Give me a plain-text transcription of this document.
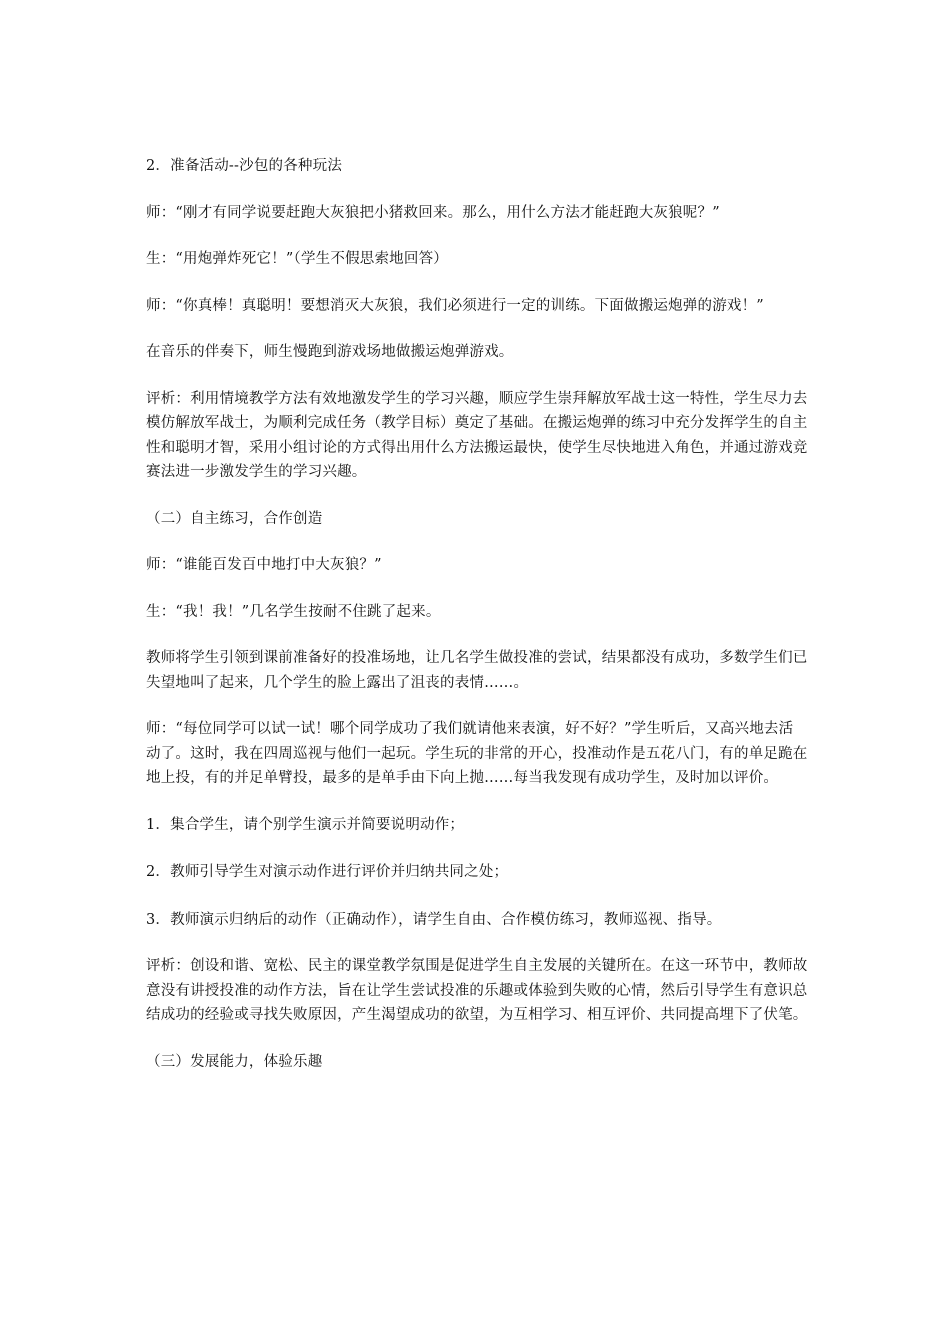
2．准备活动--沙包的各种玩法

师：“刚才有同学说要赶跑大灰狼把小猪救回来。那么，用什么方法才能赶跑大灰狼呢？”

生：“用炮弹炸死它！”（学生不假思索地回答）

师：“你真棒！真聪明！要想消灭大灰狼，我们必须进行一定的训练。下面做搬运炮弹的游戏！”

在音乐的伴奏下，师生慢跑到游戏场地做搬运炮弹游戏。

评析：利用情境教学方法有效地激发学生的学习兴趣，顺应学生崇拜解放军战士这一特性，学生尽力去模仿解放军战士，为顺利完成任务（教学目标）奠定了基础。在搬运炮弹的练习中充分发挥学生的自主性和聪明才智，采用小组讨论的方式得出用什么方法搬运最快，使学生尽快地进入角色，并通过游戏竞赛法进一步激发学生的学习兴趣。

（二）自主练习，合作创造

师：“谁能百发百中地打中大灰狼？”

生：“我！我！”几名学生按耐不住跳了起来。

教师将学生引领到课前准备好的投准场地，让几名学生做投准的尝试，结果都没有成功，多数学生们已失望地叫了起来，几个学生的脸上露出了沮丧的表情……。

师：“每位同学可以试一试！哪个同学成功了我们就请他来表演，好不好？”学生听后，又高兴地去活动了。这时，我在四周巡视与他们一起玩。学生玩的非常的开心，投准动作是五花八门，有的单足跪在地上投，有的并足单臂投，最多的是单手由下向上抛……每当我发现有成功学生，及时加以评价。

1．集合学生，请个别学生演示并简要说明动作；

2．教师引导学生对演示动作进行评价并归纳共同之处；

3．教师演示归纳后的动作（正确动作），请学生自由、合作模仿练习，教师巡视、指导。

评析：创设和谐、宽松、民主的课堂教学氛围是促进学生自主发展的关键所在。在这一环节中，教师故意没有讲授投准的动作方法，旨在让学生尝试投准的乐趣或体验到失败的心情，然后引导学生有意识总结成功的经验或寻找失败原因，产生渴望成功的欲望，为互相学习、相互评价、共同提高埋下了伏笔。

（三）发展能力，体验乐趣
